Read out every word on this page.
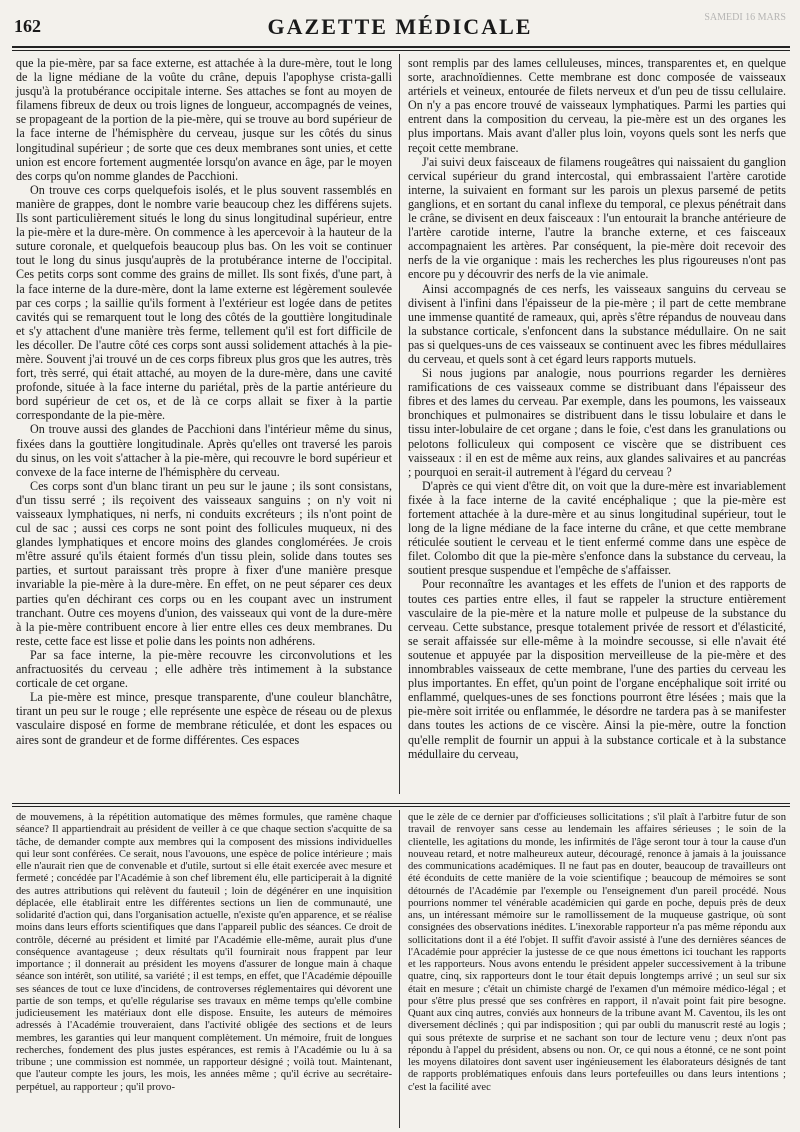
162	GAZETTE MÉDICALE	SAMEDI 16 MARS

que la pie-mère, par sa face externe, est attachée à la dure-mère, tout le long de la ligne médiane de la voûte du crâne, depuis l'apophyse crista-galli jusqu'à la protubérance occipitale interne. Ses attaches se font au moyen de filamens fibreux de deux ou trois lignes de longueur, accompagnés de veines, se propageant de la portion de la pie-mère, qui se trouve au bord supérieur de la face interne de l'hémisphère du cerveau, jusque sur les côtés du sinus longitudinal supérieur ; de sorte que ces deux membranes sont unies, et cette union est encore fortement augmentée lorsqu'on avance en âge, par le moyen des corps qu'on nomme glandes de Pacchioni.

On trouve ces corps quelquefois isolés, et le plus souvent rassemblés en manière de grappes, dont le nombre varie beaucoup chez les différens sujets. Ils sont particulièrement situés le long du sinus longitudinal supérieur, entre la pie-mère et la dure-mère. On commence à les apercevoir à la hauteur de la suture coronale, et quelquefois beaucoup plus bas. On les voit se continuer tout le long du sinus jusqu'auprès de la protubérance interne de l'occipital. Ces petits corps sont comme des grains de millet. Ils sont fixés, d'une part, à la face interne de la dure-mère, dont la lame externe est légèrement soulevée par ces corps ; la saillie qu'ils forment à l'extérieur est logée dans de petites cavités qui se remarquent tout le long des côtés de la gouttière longitudinale et s'y attachent d'une manière très ferme, tellement qu'il est fort difficile de les décoller. De l'autre côté ces corps sont aussi solidement attachés à la pie-mère. Souvent j'ai trouvé un de ces corps fibreux plus gros que les autres, très fort, très serré, qui était attaché, au moyen de la dure-mère, dans une cavité profonde, située à la face interne du pariétal, près de la partie antérieure du bord supérieur de cet os, et de là ce corps allait se fixer à la partie correspondante de la pie-mère.

On trouve aussi des glandes de Pacchioni dans l'intérieur même du sinus, fixées dans la gouttière longitudinale. Après qu'elles ont traversé les parois du sinus, on les voit s'attacher à la pie-mère, qui recouvre le bord supérieur et convexe de la face interne de l'hémisphère du cerveau.

Ces corps sont d'un blanc tirant un peu sur le jaune ; ils sont consistans, d'un tissu serré ; ils reçoivent des vaisseaux sanguins ; on n'y voit ni vaisseaux lymphatiques, ni nerfs, ni conduits excréteurs ; ils n'ont point de cul de sac ; aussi ces corps ne sont point des follicules muqueux, ni des glandes lymphatiques et encore moins des glandes conglomérées. Je crois m'être assuré qu'ils étaient formés d'un tissu plein, solide dans toutes ses parties, et surtout paraissant très propre à fixer d'une manière presque invariable la pie-mère à la dure-mère. En effet, on ne peut séparer ces deux parties qu'en déchirant ces corps ou en les coupant avec un instrument tranchant. Outre ces moyens d'union, des vaisseaux qui vont de la dure-mère à la pie-mère contribuent encore à lier entre elles ces deux membranes. Du reste, cette face est lisse et polie dans les points non adhérens.

Par sa face interne, la pie-mère recouvre les circonvolutions et les anfractuosités du cerveau ; elle adhère très intimement à la substance corticale de cet organe.

La pie-mère est mince, presque transparente, d'une couleur blanchâtre, tirant un peu sur le rouge ; elle représente une espèce de réseau ou de plexus vasculaire disposé en forme de membrane réticulée, et dont les espaces ou aires sont de grandeur et de forme différentes. Ces espaces

sont remplis par des lames celluleuses, minces, transparentes et, en quelque sorte, arachnoïdiennes. Cette membrane est donc composée de vaisseaux artériels et veineux, entourée de filets nerveux et d'un peu de tissu cellulaire. On n'y a pas encore trouvé de vaisseaux lymphatiques. Parmi les parties qui entrent dans la composition du cerveau, la pie-mère est un des organes les plus importans. Mais avant d'aller plus loin, voyons quels sont les nerfs que reçoit cette membrane.

J'ai suivi deux faisceaux de filamens rougeâtres qui naissaient du ganglion cervical supérieur du grand intercostal, qui embrassaient l'artère carotide interne, la suivaient en formant sur les parois un plexus parsemé de petits ganglions, et en sortant du canal inflexe du temporal, ce plexus pénétrait dans le crâne, se divisent en deux faisceaux : l'un entourait la branche antérieure de l'artère carotide interne, l'autre la branche externe, et ces faisceaux accompagnaient les artères. Par conséquent, la pie-mère doit recevoir des nerfs de la vie organique : mais les recherches les plus rigoureuses n'ont pas encore pu y découvrir des nerfs de la vie animale.

Ainsi accompagnés de ces nerfs, les vaisseaux sanguins du cerveau se divisent à l'infini dans l'épaisseur de la pie-mère ; il part de cette membrane une immense quantité de rameaux, qui, après s'être répandus de nouveau dans la substance corticale, s'enfoncent dans la substance médullaire. On ne sait pas si quelques-uns de ces vaisseaux se continuent avec les fibres médullaires du cerveau, et quels sont à cet égard leurs rapports mutuels.

Si nous jugions par analogie, nous pourrions regarder les dernières ramifications de ces vaisseaux comme se distribuant dans l'épaisseur des fibres et des lames du cerveau. Par exemple, dans les poumons, les vaisseaux bronchiques et pulmonaires se distribuent dans le tissu lobulaire et dans le tissu inter-lobulaire de cet organe ; dans le foie, c'est dans les granulations ou pelotons folliculeux qui composent ce viscère que se distribuent ces vaisseaux : il en est de même aux reins, aux glandes salivaires et au pancréas ; pourquoi en serait-il autrement à l'égard du cerveau ?

D'après ce qui vient d'être dit, on voit que la dure-mère est invariablement fixée à la face interne de la cavité encéphalique ; que la pie-mère est fortement attachée à la dure-mère et au sinus longitudinal supérieur, tout le long de la ligne médiane de la face interne du crâne, et que cette membrane réticulée soutient le cerveau et le tient enfermé comme dans une espèce de filet. Colombo dit que la pie-mère s'enfonce dans la substance du cerveau, la soutient presque suspendue et l'empêche de s'affaisser.

Pour reconnaître les avantages et les effets de l'union et des rapports de toutes ces parties entre elles, il faut se rappeler la structure entièrement vasculaire de la pie-mère et la nature molle et pulpeuse de la substance du cerveau. Cette substance, presque totalement privée de ressort et d'élasticité, se serait affaissée sur elle-même à la moindre secousse, si elle n'avait été soutenue et appuyée par la disposition merveilleuse de la pie-mère et des innombrables vaisseaux de cette membrane, l'une des parties du cerveau les plus importantes. En effet, qu'un point de l'organe encéphalique soit irrité ou enflammé, quelques-unes de ses fonctions pourront être lésées ; mais que la pie-mère soit irritée ou enflammée, le désordre ne tardera pas à se manifester dans toutes les actions de ce viscère. Ainsi la pie-mère, outre la fonction qu'elle remplit de fournir un appui à la substance corticale et à la substance médullaire du cerveau,

de mouvemens, à la répétition automatique des mêmes formules, que ramène chaque séance? Il appartiendrait au président de veiller à ce que chaque section s'acquitte de sa tâche, de demander compte aux membres qui la composent des missions individuelles qui leur sont conférées. Ce serait, nous l'avouons, une espèce de police intérieure ; mais elle n'aurait rien que de convenable et d'utile, surtout si elle était exercée avec mesure et fermeté ; concédée par l'Académie à son chef librement élu, elle participerait à la dignité des autres attributions qui relèvent du fauteuil ; loin de dégénérer en une inquisition déplacée, elle établirait entre les différentes sections un lien de communauté, une solidarité d'action qui, dans l'organisation actuelle, n'existe qu'en apparence, et se réalise moins dans leurs efforts scientifiques que dans l'appareil public des séances. Ce droit de contrôle, décerné au président et limité par l'Académie elle-même, aurait plus d'une conséquence avantageuse ; deux résultats qu'il fournirait nous frappent par leur importance ; il donnerait au président les moyens d'assurer de longue main à chaque séance son intérêt, son utilité, sa variété ; il est temps, en effet, que l'Académie dépouille ses séances de tout ce luxe d'incidens, de controverses réglementaires qui dévorent une partie de son temps, et qu'elle régularise ses travaux en même temps qu'elle combine judicieusement les matériaux dont elle dispose. Ensuite, les auteurs de mémoires adressés à l'Académie trouveraient, dans l'activité obligée des sections et de leurs membres, les garanties qui leur manquent complètement. Un mémoire, fruit de longues recherches, fondement des plus justes espérances, est remis à l'Académie ou lu à sa tribune ; une commission est nommée, un rapporteur désigné ; voilà tout. Maintenant, que l'auteur compte les jours, les mois, les années même ; qu'il écrive au secrétaire-perpétuel, au rapporteur ; qu'il provo-

que le zèle de ce dernier par d'officieuses sollicitations ; s'il plaît à l'arbitre futur de son travail de renvoyer sans cesse au lendemain les affaires sérieuses ; le soin de la clientelle, les agitations du monde, les infirmités de l'âge seront tour à tour la cause d'un nouveau retard, et notre malheureux auteur, découragé, renonce à jamais à la jouissance des communications académiques. Il ne faut pas en douter, beaucoup de travailleurs ont été éconduits de cette manière de la voie scientifique ; beaucoup de mémoires se sont détournés de l'Académie par l'exemple ou l'enseignement d'un pareil procédé. Nous pourrions nommer tel vénérable académicien qui garde en poche, depuis près de deux ans, un intéressant mémoire sur le ramollissement de la muqueuse gastrique, où sont consignées des observations inédites. L'inexorable rapporteur n'a pas même répondu aux sollicitations dont il a été l'objet. Il suffit d'avoir assisté à l'une des dernières séances de l'Académie pour apprécier la justesse de ce que nous émettons ici touchant les rapports et les rapporteurs. Nous avons entendu le président appeler successivement à la tribune quatre, cinq, six rapporteurs dont le tour était depuis longtemps arrivé ; un seul sur six était en mesure ; c'était un chimiste chargé de l'examen d'un mémoire médico-légal ; et pour s'être plus pressé que ses confrères en rapport, il n'avait point fait pire besogne. Quant aux cinq autres, conviés aux honneurs de la tribune avant M. Caventou, ils les ont diversement déclinés ; qui par indisposition ; qui par oubli du manuscrit resté au logis ; qui sous prétexte de surprise et ne sachant son tour de lecture venu ; deux n'ont pas répondu à l'appel du président, absens ou non. Or, ce qui nous a étonné, ce ne sont point les moyens dilatoires dont savent user ingénieusement les élaborateurs désignés de tant de rapports problématiques enfouis dans leurs portefeuilles ou dans leurs intentions ; c'est la facilité avec
